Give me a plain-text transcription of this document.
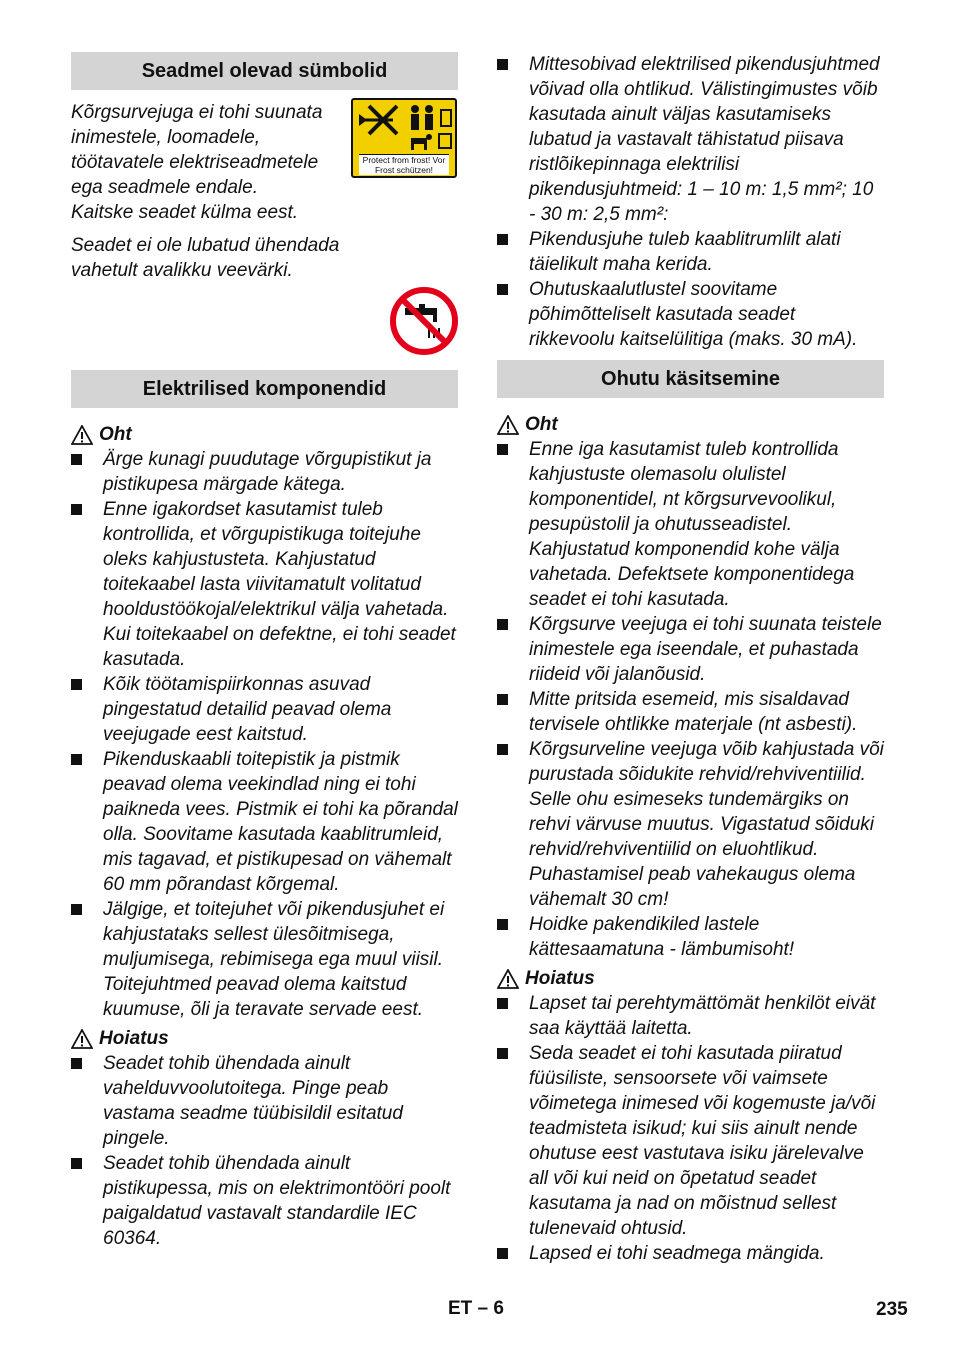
Seadmel olevad sümbolid

Kõrgsurvejuga ei tohi suunata inimestele, loomadele, töötavatele elektriseadmetele ega seadmele endale.

Kaitske seadet külma eest.

Protect from frost! Vor Frost schützen!

Seadet ei ole lubatud ühendada vahetult avalikku veevärki.

Elektrilised komponendid
Oht
Ärge kunagi puudutage võrgupistikut ja pistikupesa märgade kätega.
Enne igakordset kasutamist tuleb kontrollida, et võrgupistikuga toitejuhe oleks kahjustusteta. Kahjustatud toitekaabel lasta viivitamatult volitatud hooldustöökojal/elektrikul välja vahetada. Kui toitekaabel on defektne, ei tohi seadet kasutada.
Kõik töötamispiirkonnas asuvad pingestatud detailid peavad olema veejugade eest kaitstud.
Pikenduskaabli toitepistik ja pistmik peavad olema veekindlad ning ei tohi paikneda vees. Pistmik ei tohi ka põrandal olla. Soovitame kasutada kaablitrumleid, mis tagavad, et pistikupesad on vähemalt 60 mm põrandast kõrgemal.
Jälgige, et toitejuhet või pikendusjuhet ei kahjustataks sellest ülesõitmisega, muljumisega, rebimisega ega muul viisil. Toitejuhtmed peavad olema kaitstud kuumuse, õli ja teravate servade eest.
Hoiatus
Seadet tohib ühendada ainult vahelduvvoolutoitega. Pinge peab vastama seadme tüübisildil esitatud pingele.
Seadet tohib ühendada ainult pistikupessa, mis on elektrimontööri poolt paigaldatud vastavalt standardile IEC 60364.
Mittesobivad elektrilised pikendusjuhtmed võivad olla ohtlikud. Välistingimustes võib kasutada ainult väljas kasutamiseks lubatud ja vastavalt tähistatud piisava ristlõikepinnaga elektrilisi pikendusjuhtmeid: 1 – 10 m: 1,5 mm²; 10 - 30 m: 2,5 mm²:
Pikendusjuhe tuleb kaablitrumlilt alati täielikult maha kerida.
Ohutuskaalutlustel soovitame põhimõtteliselt kasutada seadet rikkevoolu kaitselülitiga (maks. 30 mA).
Ohutu käsitsemine
Oht
Enne iga kasutamist tuleb kontrollida kahjustuste olemasolu olulistel komponentidel, nt kõrgsurvevoolikul, pesupüstolil ja ohutusseadistel. Kahjustatud komponendid kohe välja vahetada. Defektsete komponentidega seadet ei tohi kasutada.
Kõrgsurve veejuga ei tohi suunata teistele inimestele ega iseendale, et puhastada riideid või jalanõusid.
Mitte pritsida esemeid, mis sisaldavad tervisele ohtlikke materjale (nt asbesti).
Kõrgsurveline veejuga võib kahjustada või purustada sõidukite rehvid/rehviventiilid. Selle ohu esimeseks tundemärgiks on rehvi värvuse muutus. Vigastatud sõiduki rehvid/rehviventiilid on eluohtlikud. Puhastamisel peab vahekaugus olema vähemalt 30 cm!
Hoidke pakendikiled lastele kättesaamatuna - lämbumisoht!
Hoiatus
Lapset tai perehtymättömät henkilöt eivät saa käyttää laitetta.
Seda seadet ei tohi kasutada piiratud füüsiliste, sensoorsete või vaimsete võimetega inimesed või kogemuste ja/või teadmisteta isikud; kui siis ainult nende ohutuse eest vastutava isiku järelevalve all või kui neid on õpetatud seadet kasutama ja nad on mõistnud sellest tulenevaid ohtusid.
Lapsed ei tohi seadmega mängida.
ET – 6	235
